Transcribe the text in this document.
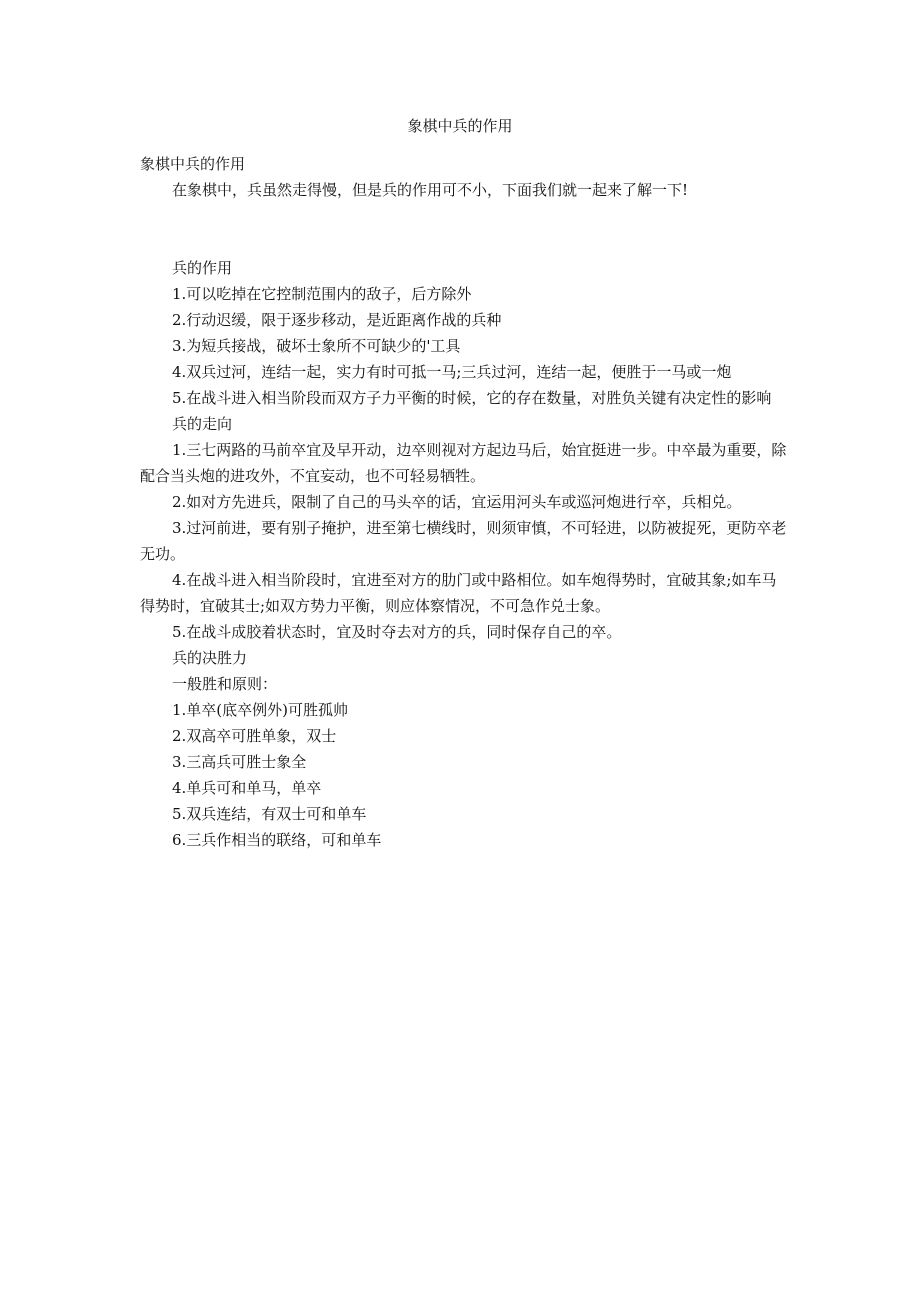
象棋中兵的作用

象棋中兵的作用

在象棋中，兵虽然走得慢，但是兵的作用可不小，下面我们就一起来了解一下!

兵的作用

1.可以吃掉在它控制范围内的敌子，后方除外

2.行动迟缓，限于逐步移动，是近距离作战的兵种

3.为短兵接战，破坏士象所不可缺少的'工具

4.双兵过河，连结一起，实力有时可抵一马;三兵过河，连结一起，便胜于一马或一炮

5.在战斗进入相当阶段而双方子力平衡的时候，它的存在数量，对胜负关键有决定性的影响

兵的走向

1.三七两路的马前卒宜及早开动，边卒则视对方起边马后，始宜挺进一步。中卒最为重要，除配合当头炮的进攻外，不宜妄动，也不可轻易牺牲。

2.如对方先进兵，限制了自己的马头卒的话，宜运用河头车或巡河炮进行卒，兵相兑。

3.过河前进，要有别子掩护，进至第七横线时，则须审慎，不可轻进，以防被捉死，更防卒老无功。

4.在战斗进入相当阶段时，宜进至对方的肋门或中路相位。如车炮得势时，宜破其象;如车马得势时，宜破其士;如双方势力平衡，则应体察情况，不可急作兑士象。

5.在战斗成胶着状态时，宜及时夺去对方的兵，同时保存自己的卒。

兵的决胜力

一般胜和原则：

1.单卒(底卒例外)可胜孤帅

2.双高卒可胜单象，双士

3.三高兵可胜士象全

4.单兵可和单马，单卒

5.双兵连结，有双士可和单车

6.三兵作相当的联络，可和单车
